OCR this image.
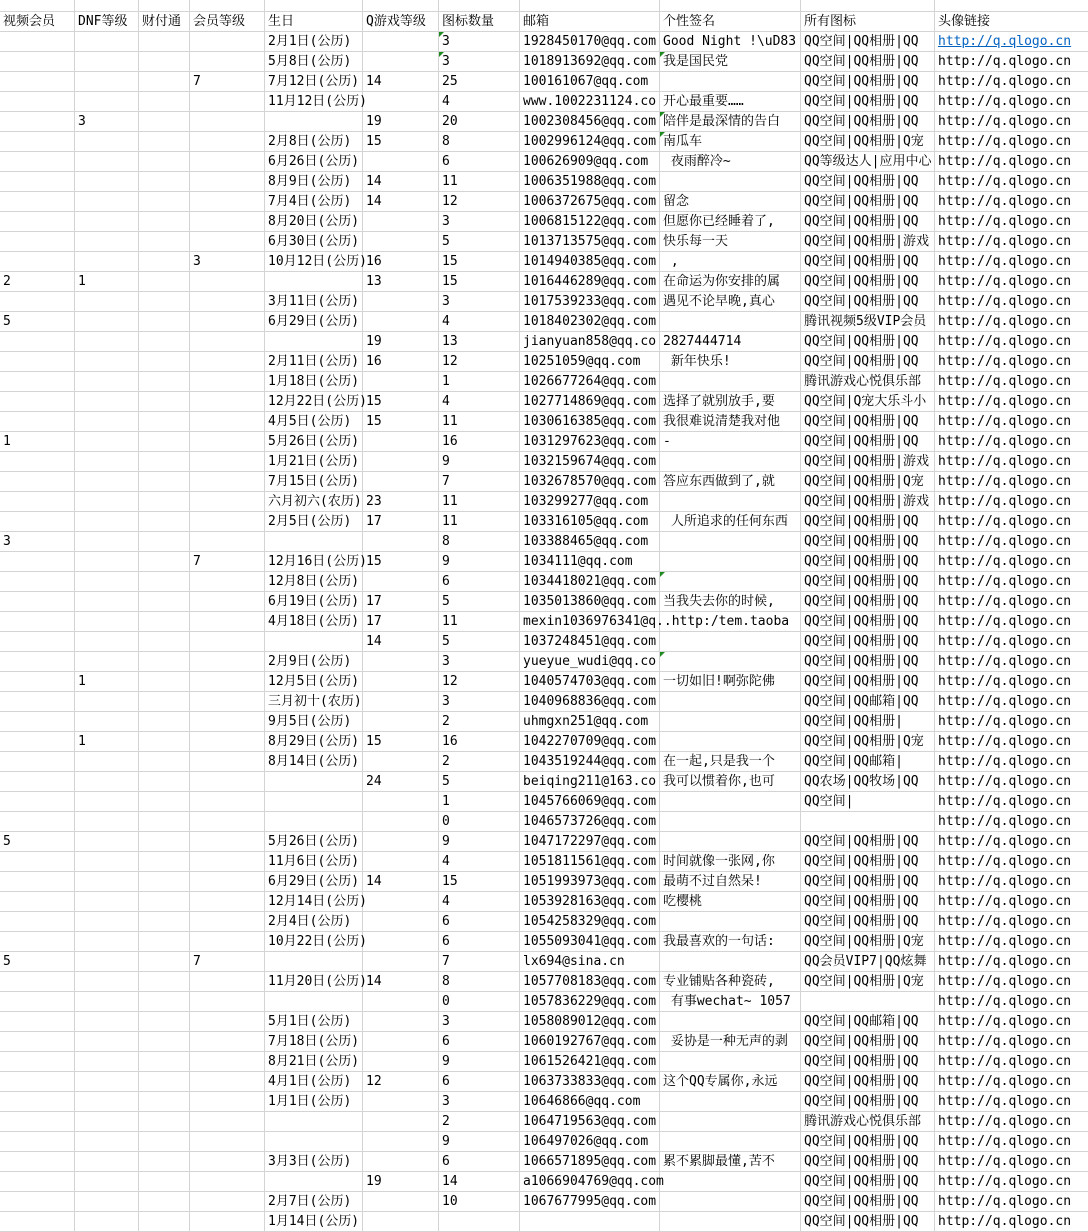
视频会员	DNF等级	财付通	会员等级	生日	Q游戏等级	图标数量	邮箱	个性签名	所有图标	头像链接
				2月1日(公历)		3	1928450170@qq.com	Good Night !\uD83	QQ空间|QQ相册|QQ	http://q.qlogo.cn
				5月8日(公历)		3	1018913692@qq.com	我是国民党	QQ空间|QQ相册|QQ	http://q.qlogo.cn
			7	7月12日(公历)	14	25	100161067@qq.com		QQ空间|QQ相册|QQ	http://q.qlogo.cn
				11月12日(公历)		4	www.1002231124.co	开心最重要……	QQ空间|QQ相册|QQ	http://q.qlogo.cn
	3				19	20	1002308456@qq.com	陪伴是最深情的告白	QQ空间|QQ相册|QQ	http://q.qlogo.cn
				2月8日(公历)	15	8	1002996124@qq.com	南瓜车	QQ空间|QQ相册|Q宠	http://q.qlogo.cn
				6月26日(公历)		6	100626909@qq.com	夜雨醉冷~	QQ等级达人|应用中心	http://q.qlogo.cn
				8月9日(公历)	14	11	1006351988@qq.com		QQ空间|QQ相册|QQ	http://q.qlogo.cn
				7月4日(公历)	14	12	1006372675@qq.com	留念	QQ空间|QQ相册|QQ	http://q.qlogo.cn
				8月20日(公历)		3	1006815122@qq.com	但愿你已经睡着了,	QQ空间|QQ相册|QQ	http://q.qlogo.cn
				6月30日(公历)		5	1013713575@qq.com	快乐每一天	QQ空间|QQ相册|游戏	http://q.qlogo.cn
			3	10月12日(公历)	16	15	1014940385@qq.com	,	QQ空间|QQ相册|QQ	http://q.qlogo.cn
2	1				13	15	1016446289@qq.com	在命运为你安排的属	QQ空间|QQ相册|QQ	http://q.qlogo.cn
				3月11日(公历)		3	1017539233@qq.com	遇见不论早晚,真心	QQ空间|QQ相册|QQ	http://q.qlogo.cn
5				6月29日(公历)		4	1018402302@qq.com		腾讯视频5级VIP会员	http://q.qlogo.cn
					19	13	jianyuan858@qq.co	2827444714	QQ空间|QQ相册|QQ	http://q.qlogo.cn
				2月11日(公历)	16	12	10251059@qq.com	新年快乐!	QQ空间|QQ相册|QQ	http://q.qlogo.cn
				1月18日(公历)		1	1026677264@qq.com		腾讯游戏心悦俱乐部	http://q.qlogo.cn
				12月22日(公历)	15	4	1027714869@qq.com	选择了就别放手,要	QQ空间|Q宠大乐斗小	http://q.qlogo.cn
				4月5日(公历)	15	11	1030616385@qq.com	我很难说清楚我对他	QQ空间|QQ相册|QQ	http://q.qlogo.cn
1				5月26日(公历)		16	1031297623@qq.com	-	QQ空间|QQ相册|QQ	http://q.qlogo.cn
				1月21日(公历)		9	1032159674@qq.com		QQ空间|QQ相册|游戏	http://q.qlogo.cn
				7月15日(公历)		7	1032678570@qq.com	答应东西做到了,就	QQ空间|QQ相册|Q宠	http://q.qlogo.cn
				六月初六(农历)	23	11	103299277@qq.com		QQ空间|QQ相册|游戏	http://q.qlogo.cn
				2月5日(公历)	17	11	103316105@qq.com	人所追求的任何东西	QQ空间|QQ相册|QQ	http://q.qlogo.cn
3						8	103388465@qq.com		QQ空间|QQ相册|QQ	http://q.qlogo.cn
			7	12月16日(公历)	15	9	1034111@qq.com		QQ空间|QQ相册|QQ	http://q.qlogo.cn
				12月8日(公历)		6	1034418021@qq.com		QQ空间|QQ相册|QQ	http://q.qlogo.cn
				6月19日(公历)	17	5	1035013860@qq.com	当我失去你的时候,	QQ空间|QQ相册|QQ	http://q.qlogo.cn
				4月18日(公历)	17	11	mexin1036976341@q..http:/tem.taoba		QQ空间|QQ相册|QQ	http://q.qlogo.cn
					14	5	1037248451@qq.com		QQ空间|QQ相册|QQ	http://q.qlogo.cn
				2月9日(公历)		3	yueyue_wudi@qq.co		QQ空间|QQ相册|QQ	http://q.qlogo.cn
	1			12月5日(公历)		12	1040574703@qq.com	一切如旧!啊弥陀佛	QQ空间|QQ相册|QQ	http://q.qlogo.cn
				三月初十(农历)		3	1040968836@qq.com		QQ空间|QQ邮箱|QQ	http://q.qlogo.cn
				9月5日(公历)		2	uhmgxn251@qq.com		QQ空间|QQ相册|	http://q.qlogo.cn
	1			8月29日(公历)	15	16	1042270709@qq.com		QQ空间|QQ相册|Q宠	http://q.qlogo.cn
				8月14日(公历)		2	1043519244@qq.com	在一起,只是我一个	QQ空间|QQ邮箱|	http://q.qlogo.cn
					24	5	beiqing211@163.co	我可以惯着你,也可	QQ农场|QQ牧场|QQ	http://q.qlogo.cn
						1	1045766069@qq.com		QQ空间|	http://q.qlogo.cn
						0	1046573726@qq.com			http://q.qlogo.cn
5				5月26日(公历)		9	1047172297@qq.com		QQ空间|QQ相册|QQ	http://q.qlogo.cn
				11月6日(公历)		4	1051811561@qq.com	时间就像一张网,你	QQ空间|QQ相册|QQ	http://q.qlogo.cn
				6月29日(公历)	14	15	1051993973@qq.com	最萌不过自然呆!	QQ空间|QQ相册|QQ	http://q.qlogo.cn
				12月14日(公历)		4	1053928163@qq.com	吃樱桃	QQ空间|QQ相册|QQ	http://q.qlogo.cn
				2月4日(公历)		6	1054258329@qq.com		QQ空间|QQ相册|QQ	http://q.qlogo.cn
				10月22日(公历)		6	1055093041@qq.com	我最喜欢的一句话:	QQ空间|QQ相册|Q宠	http://q.qlogo.cn
5			7			7	lx694@sina.cn		QQ会员VIP7|QQ炫舞	http://q.qlogo.cn
				11月20日(公历)	14	8	1057708183@qq.com	专业铺贴各种瓷砖,	QQ空间|QQ相册|Q宠	http://q.qlogo.cn
						0	1057836229@qq.com	有事wechat~ 1057		http://q.qlogo.cn
				5月1日(公历)		3	1058089012@qq.com		QQ空间|QQ邮箱|QQ	http://q.qlogo.cn
				7月18日(公历)		6	1060192767@qq.com	妥协是一种无声的剥	QQ空间|QQ相册|QQ	http://q.qlogo.cn
				8月21日(公历)		9	1061526421@qq.com		QQ空间|QQ相册|QQ	http://q.qlogo.cn
				4月1日(公历)	12	6	1063733833@qq.com	这个QQ专属你,永远	QQ空间|QQ相册|QQ	http://q.qlogo.cn
				1月1日(公历)		3	10646866@qq.com		QQ空间|QQ相册|QQ	http://q.qlogo.cn
						2	1064719563@qq.com		腾讯游戏心悦俱乐部	http://q.qlogo.cn
						9	106497026@qq.com		QQ空间|QQ相册|QQ	http://q.qlogo.cn
				3月3日(公历)		6	1066571895@qq.com	累不累脚最懂,苦不	QQ空间|QQ相册|QQ	http://q.qlogo.cn
					19	14	a1066904769@qq.com		QQ空间|QQ相册|QQ	http://q.qlogo.cn
				2月7日(公历)		10	1067677995@qq.com		QQ空间|QQ相册|QQ	http://q.qlogo.cn
				1月14日(公历)					QQ空间|QQ相册|QQ	http://q.qlogo.cn
